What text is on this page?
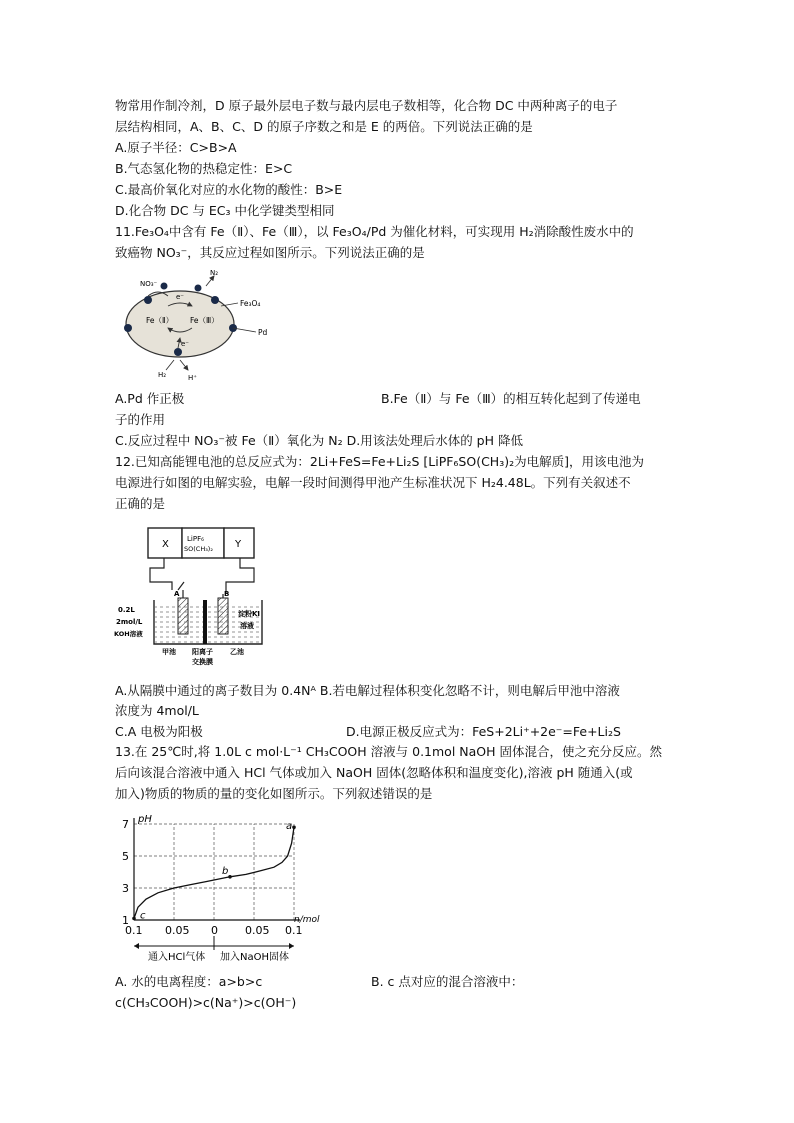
物常用作制冷剂，D 原子最外层电子数与最内层电子数相等，化合物 DC 中两种离子的电子
层结构相同，A、B、C、D 的原子序数之和是 E 的两倍。下列说法正确的是
A.原子半径：C>B>A
B.气态氢化物的热稳定性：E>C
C.最高价氧化对应的水化物的酸性：B>E
D.化合物 DC 与 EC₃ 中化学键类型相同
11.Fe₃O₄中含有 Fe（Ⅱ）、Fe（Ⅲ），以 Fe₃O₄/Pd 为催化材料，可实现用 H₂消除酸性废水中的
致癌物 NO₃⁻，其反应过程如图所示。下列说法正确的是
NO₃⁻
N₂
e⁻
e⁻
Fe（Ⅱ） Fe（Ⅲ）
Fe₃O₄
Pd
H₂	H⁺
A.Pd 作正极	B.Fe（Ⅱ）与 Fe（Ⅲ）的相互转化起到了传递电
子的作用
C.反应过程中 NO₃⁻被 Fe（Ⅱ）氧化为 N₂ D.用该法处理后水体的 pH 降低
12.已知高能锂电池的总反应式为：2Li+FeS=Fe+Li₂S [LiPF₆SO(CH₃)₂为电解质]，用该电池为
电源进行如图的电解实验，电解一段时间测得甲池产生标准状况下 H₂4.48L。下列有关叙述不
正确的是
X	Y
LiPF₆
SO(CH₃)₂
A	B
0.2L
2mol/L
KOH溶液
淀粉KI
溶液
甲池 阳离子
交换膜
乙池
A.从隔膜中通过的离子数目为 0.4Nᴬ B.若电解过程体积变化忽略不计，则电解后甲池中溶液
浓度为 4mol/L
C.A 电极为阳极	D.电源正极反应式为：FeS+2Li⁺+2e⁻=Fe+Li₂S
13.在 25℃时,将 1.0L c mol·L⁻¹ CH₃COOH 溶液与 0.1mol NaOH 固体混合，使之充分反应。然
后向该混合溶液中通入 HCl 气体或加入 NaOH 固体(忽略体积和温度变化),溶液 pH 随通入(或
加入)物质的物质的量的变化如图所示。下列叙述错误的是
1
3
5
7
0.1 0.05 0 0.05 0.1
c
b
a
pH
n/mol
通入HCl气体 加入NaOH固体
A. 水的电离程度：a>b>c	B. c 点对应的混合溶液中：
c(CH₃COOH)>c(Na⁺)>c(OH⁻)
